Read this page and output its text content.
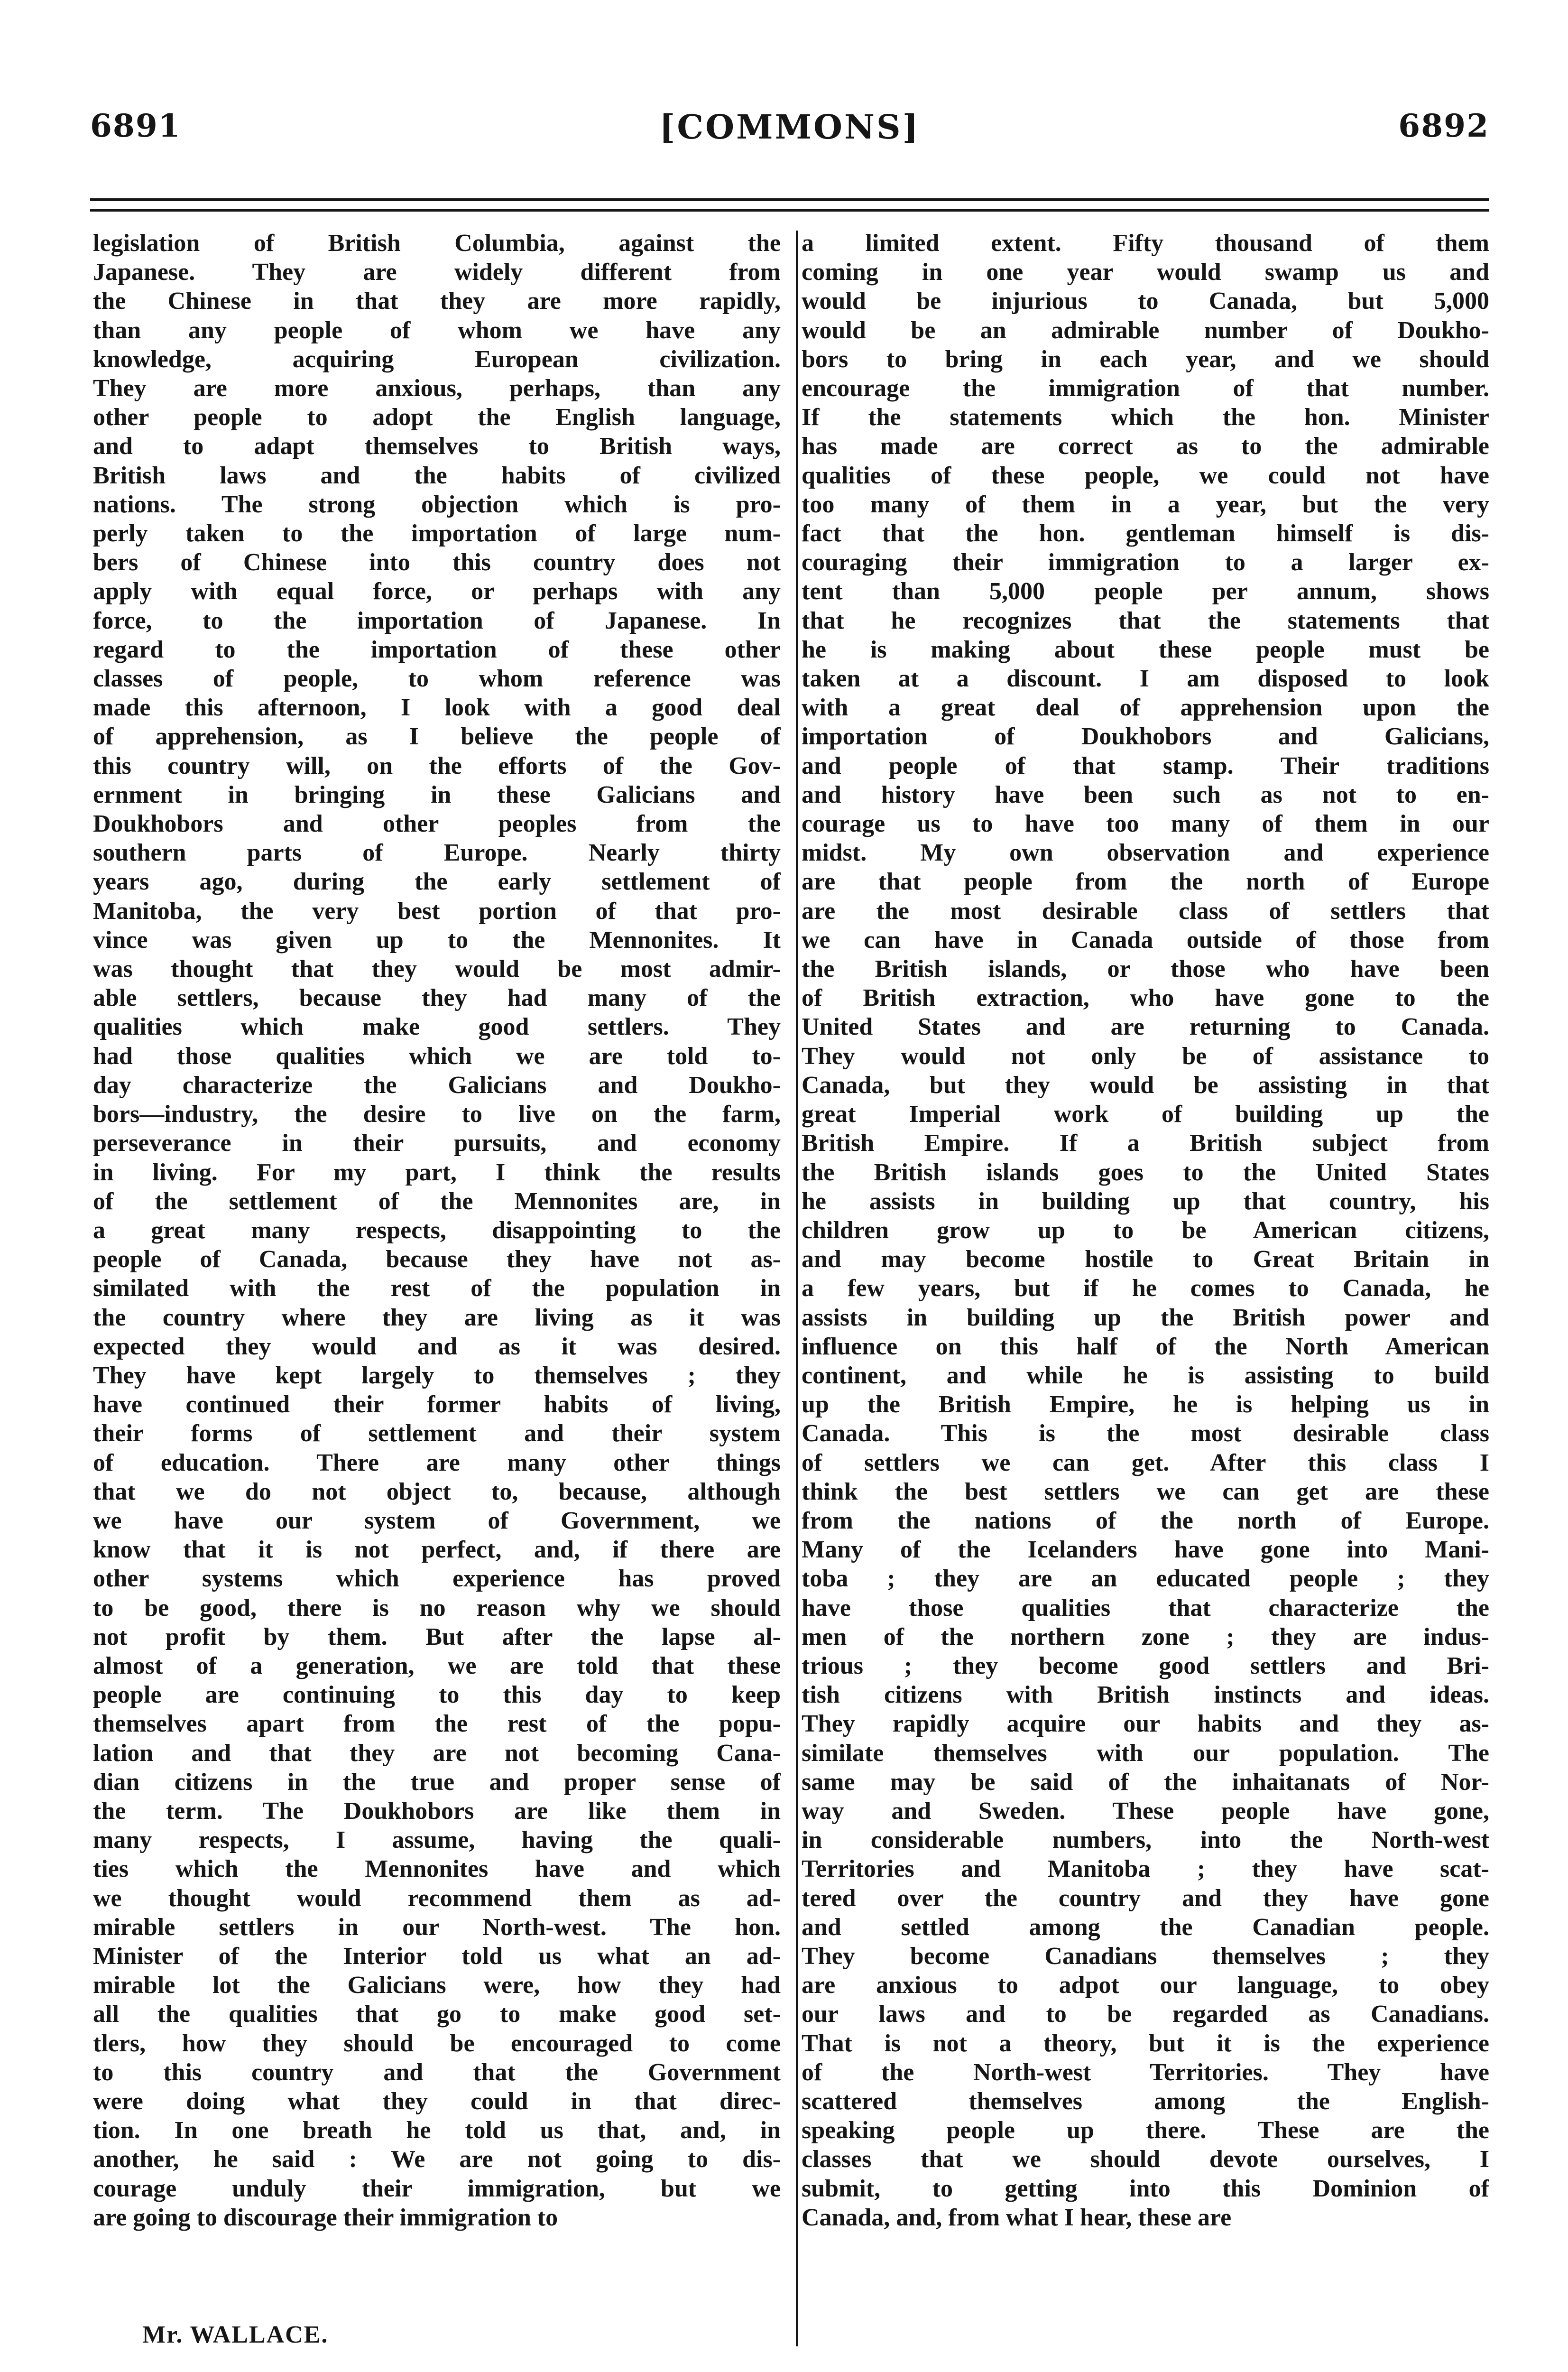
6891	[COMMONS]	6892
legislation of British Columbia, against the
Japanese. They are widely different from
the Chinese in that they are more rapidly,
than any people of whom we have any
knowledge, acquiring European civilization.
They are more anxious, perhaps, than any
other people to adopt the English language,
and to adapt themselves to British ways,
British laws and the habits of civilized
nations. The strong objection which is pro-
perly taken to the importation of large num-
bers of Chinese into this country does not
apply with equal force, or perhaps with any
force, to the importation of Japanese. In
regard to the importation of these other
classes of people, to whom reference was
made this afternoon, I look with a good deal
of apprehension, as I believe the people of
this country will, on the efforts of the Gov-
ernment in bringing in these Galicians and
Doukhobors and other peoples from the
southern parts of Europe. Nearly thirty
years ago, during the early settlement of
Manitoba, the very best portion of that pro-
vince was given up to the Mennonites. It
was thought that they would be most admir-
able settlers, because they had many of the
qualities which make good settlers. They
had those qualities which we are told to-
day characterize the Galicians and Doukho-
bors—industry, the desire to live on the farm,
perseverance in their pursuits, and economy
in living. For my part, I think the results
of the settlement of the Mennonites are, in
a great many respects, disappointing to the
people of Canada, because they have not as-
similated with the rest of the population in
the country where they are living as it was
expected they would and as it was desired.
They have kept largely to themselves ; they
have continued their former habits of living,
their forms of settlement and their system
of education. There are many other things
that we do not object to, because, although
we have our system of Government, we
know that it is not perfect, and, if there are
other systems which experience has proved
to be good, there is no reason why we should
not profit by them. But after the lapse al-
almost of a generation, we are told that these
people are continuing to this day to keep
themselves apart from the rest of the popu-
lation and that they are not becoming Cana-
dian citizens in the true and proper sense of
the term. The Doukhobors are like them in
many respects, I assume, having the quali-
ties which the Mennonites have and which
we thought would recommend them as ad-
mirable settlers in our North-west. The hon.
Minister of the Interior told us what an ad-
mirable lot the Galicians were, how they had
all the qualities that go to make good set-
tlers, how they should be encouraged to come
to this country and that the Government
were doing what they could in that direc-
tion. In one breath he told us that, and, in
another, he said : We are not going to dis-
courage unduly their immigration, but we
are going to discourage their immigration to
a limited extent. Fifty thousand of them
coming in one year would swamp us and
would be injurious to Canada, but 5,000
would be an admirable number of Doukho-
bors to bring in each year, and we should
encourage the immigration of that number.
If the statements which the hon. Minister
has made are correct as to the admirable
qualities of these people, we could not have
too many of them in a year, but the very
fact that the hon. gentleman himself is dis-
couraging their immigration to a larger ex-
tent than 5,000 people per annum, shows
that he recognizes that the statements that
he is making about these people must be
taken at a discount. I am disposed to look
with a great deal of apprehension upon the
importation of Doukhobors and Galicians,
and people of that stamp. Their traditions
and history have been such as not to en-
courage us to have too many of them in our
midst. My own observation and experience
are that people from the north of Europe
are the most desirable class of settlers that
we can have in Canada outside of those from
the British islands, or those who have been
of British extraction, who have gone to the
United States and are returning to Canada.
They would not only be of assistance to
Canada, but they would be assisting in that
great Imperial work of building up the
British Empire. If a British subject from
the British islands goes to the United States
he assists in building up that country, his
children grow up to be American citizens,
and may become hostile to Great Britain in
a few years, but if he comes to Canada, he
assists in building up the British power and
influence on this half of the North American
continent, and while he is assisting to build
up the British Empire, he is helping us in
Canada. This is the most desirable class
of settlers we can get. After this class I
think the best settlers we can get are these
from the nations of the north of Europe.
Many of the Icelanders have gone into Mani-
toba ; they are an educated people ; they
have those qualities that characterize the
men of the northern zone ; they are indus-
trious ; they become good settlers and Bri-
tish citizens with British instincts and ideas.
They rapidly acquire our habits and they as-
similate themselves with our population. The
same may be said of the inhaitanats of Nor-
way and Sweden. These people have gone,
in considerable numbers, into the North-west
Territories and Manitoba ; they have scat-
tered over the country and they have gone
and settled among the Canadian people.
They become Canadians themselves ; they
are anxious to adpot our language, to obey
our laws and to be regarded as Canadians.
That is not a theory, but it is the experience
of the North-west Territories. They have
scattered themselves among the English-
speaking people up there. These are the
classes that we should devote ourselves, I
submit, to getting into this Dominion of
Canada, and, from what I hear, these are
Mr. WALLACE.
